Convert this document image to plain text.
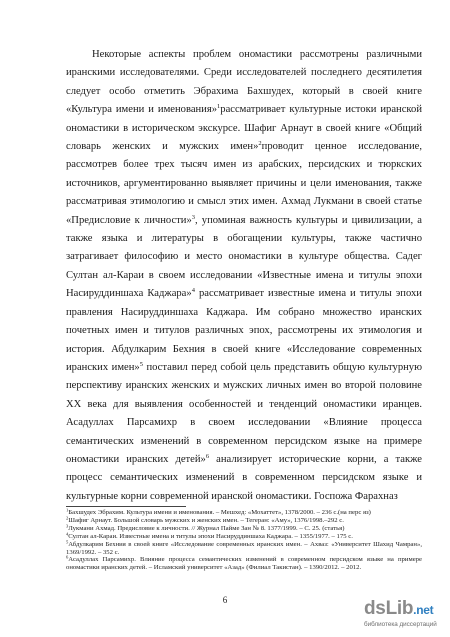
Некоторые аспекты проблем ономастики рассмотрены различными иранскими исследователями. Среди исследователей последнего десятилетия следует особо отметить Эбрахима Бахшудех, который в своей книге «Культура имени и именования»$^1$рассматривает культурные истоки иранской ономастики в историческом экскурсе. Шафиг Арнаут в своей книге «Общий словарь женских и мужских имен»$^2$проводит ценное исследование, рассмотрев более трех тысяч имен из арабских, персидских и тюркских источников, аргументированно выявляет причины и цели именования, также рассматривая этимологию и смысл этих имен. Ахмад Лукмани в своей статье «Предисловие к личности»$^3$, упоминая важность культуры и цивилизации, а также языка и литературы в обогащении культуры, также частично затрагивает философию и место ономастики в культуре общества. Садег Султан ал-Караи в своем исследовании «Известные имена и титулы эпохи Насируддиншаха Каджара»$^4$ рассматривает известные имена и титулы эпохи правления Насируддиншаха Каджара. Им собрано множество иранских почетных имен и титулов различных эпох, рассмотрены их этимология и история. Абдулкарим Бехния в своей книге «Исследование современных иранских имен»$^5$ поставил перед собой цель представить общую культурную перспективу иранских женских и мужских личных имен во второй половине ХХ века для выявления особенностей и тенденций ономастики иранцев. Асадуллах Парсамихр в своем исследовании «Влияние процесса семантических изменений в современном персидском языке на примере ономастики иранских детей»$^6$ анализирует исторические корни, а также процесс семантических изменений в современном персидском языке и культурные корни современной иранской ономастики. Госпожа Фарахназ

$^1$Бахшудех Эбрахим. Культура имени и именования. – Мешхед: «Мохаттет», 1378/2000. – 236 с.(на перс яз)

$^2$Шафиг Арнаут. Большой словарь мужских и женских имен. – Тегеран: «Аму», 1376/1998.–292 с.

$^3$Лукмани Ахмад. Предисловие к личности. // Журнал Пайме Зан № 8. 1377/1999. – С. 25. (статья)

$^4$Султан ал-Караи. Известные имена и титулы эпохи Насируддиншаха Каджара. – 1355/1977. – 175 с.

$^5$Абдулкарим Бехния в своей книге «Исследование современных иранских имен. – Ахваз: «Университет Шахид Чамран», 1369/1992. – 352 с.

$^6$Асадуллах Парсамихр. Влияние процесса семантических изменений в современном персидском языке на примере ономастики иранских детей. – Исламский университет «Азад» (Филиал Такистан). – 1390/2012. – 2012.

6	dsLib.net
библиотека диссертаций
